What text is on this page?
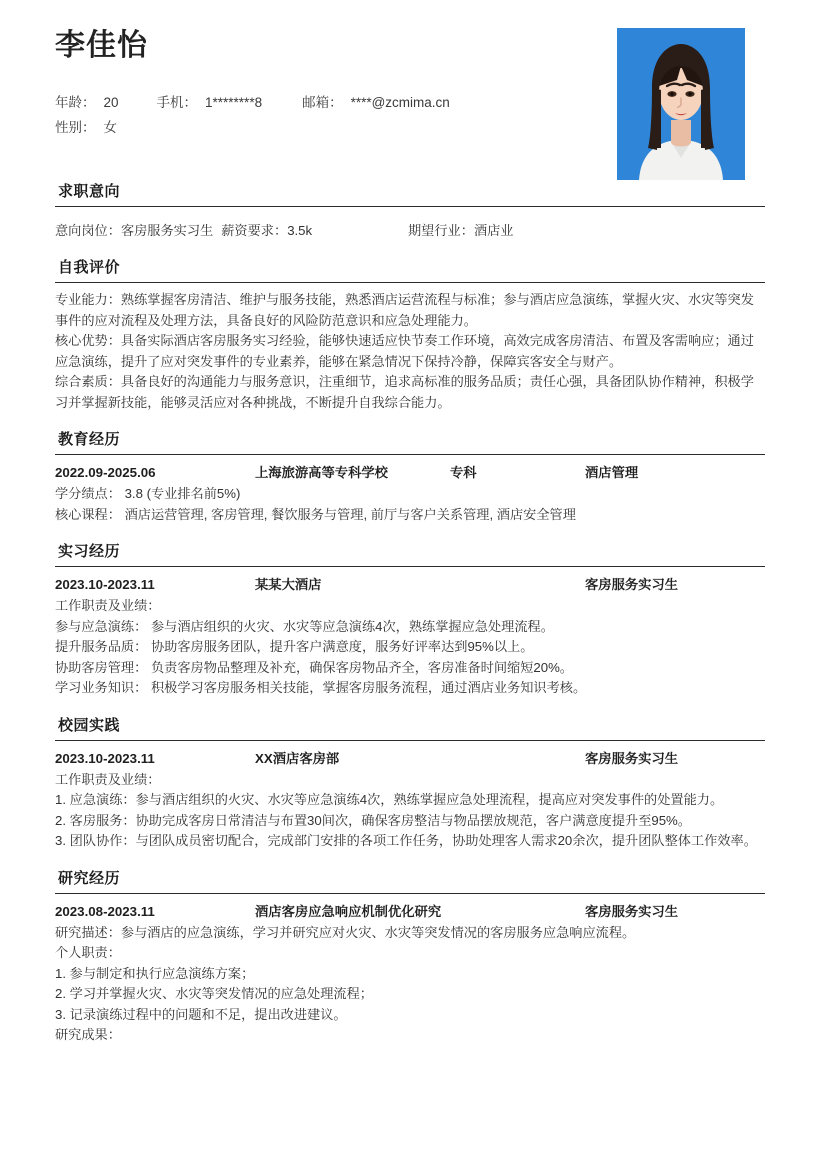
李佳怡
年龄： 20	手机： 1********8	邮箱： ****@zcmima.cn
性别： 女
求职意向
意向岗位：客房服务实习生 薪资要求：3.5k	期望行业：酒店业
自我评价
专业能力：熟练掌握客房清洁、维护与服务技能，熟悉酒店运营流程与标准；参与酒店应急演练，掌握火灾、水灾等突发事件的应对流程及处理方法，具备良好的风险防范意识和应急处理能力。
核心优势：具备实际酒店客房服务实习经验，能够快速适应快节奏工作环境，高效完成客房清洁、布置及客需响应；通过应急演练，提升了应对突发事件的专业素养，能够在紧急情况下保持冷静，保障宾客安全与财产。
综合素质：具备良好的沟通能力与服务意识，注重细节，追求高标准的服务品质；责任心强，具备团队协作精神，积极学习并掌握新技能，能够灵活应对各种挑战，不断提升自我综合能力。
教育经历
2022.09-2025.06	上海旅游高等专科学校	专科	酒店管理
学分绩点： 3.8 (专业排名前5%)
核心课程： 酒店运营管理, 客房管理, 餐饮服务与管理, 前厅与客户关系管理, 酒店安全管理
实习经历
2023.10-2023.11	某某大酒店	客房服务实习生
工作职责及业绩：
参与应急演练： 参与酒店组织的火灾、水灾等应急演练4次，熟练掌握应急处理流程。
提升服务品质： 协助客房服务团队，提升客户满意度，服务好评率达到95%以上。
协助客房管理： 负责客房物品整理及补充，确保客房物品齐全，客房准备时间缩短20%。
学习业务知识： 积极学习客房服务相关技能，掌握客房服务流程，通过酒店业务知识考核。
校园实践
2023.10-2023.11	XX酒店客房部	客房服务实习生
工作职责及业绩：
1. 应急演练：参与酒店组织的火灾、水灾等应急演练4次，熟练掌握应急处理流程，提高应对突发事件的处置能力。
2. 客房服务：协助完成客房日常清洁与布置30间次，确保客房整洁与物品摆放规范，客户满意度提升至95%。
3. 团队协作：与团队成员密切配合，完成部门安排的各项工作任务，协助处理客人需求20余次，提升团队整体工作效率。
研究经历
2023.08-2023.11	酒店客房应急响应机制优化研究	客房服务实习生
研究描述：参与酒店的应急演练，学习并研究应对火灾、水灾等突发情况的客房服务应急响应流程。
个人职责：
1. 参与制定和执行应急演练方案；
2. 学习并掌握火灾、水灾等突发情况的应急处理流程；
3. 记录演练过程中的问题和不足，提出改进建议。
研究成果：
